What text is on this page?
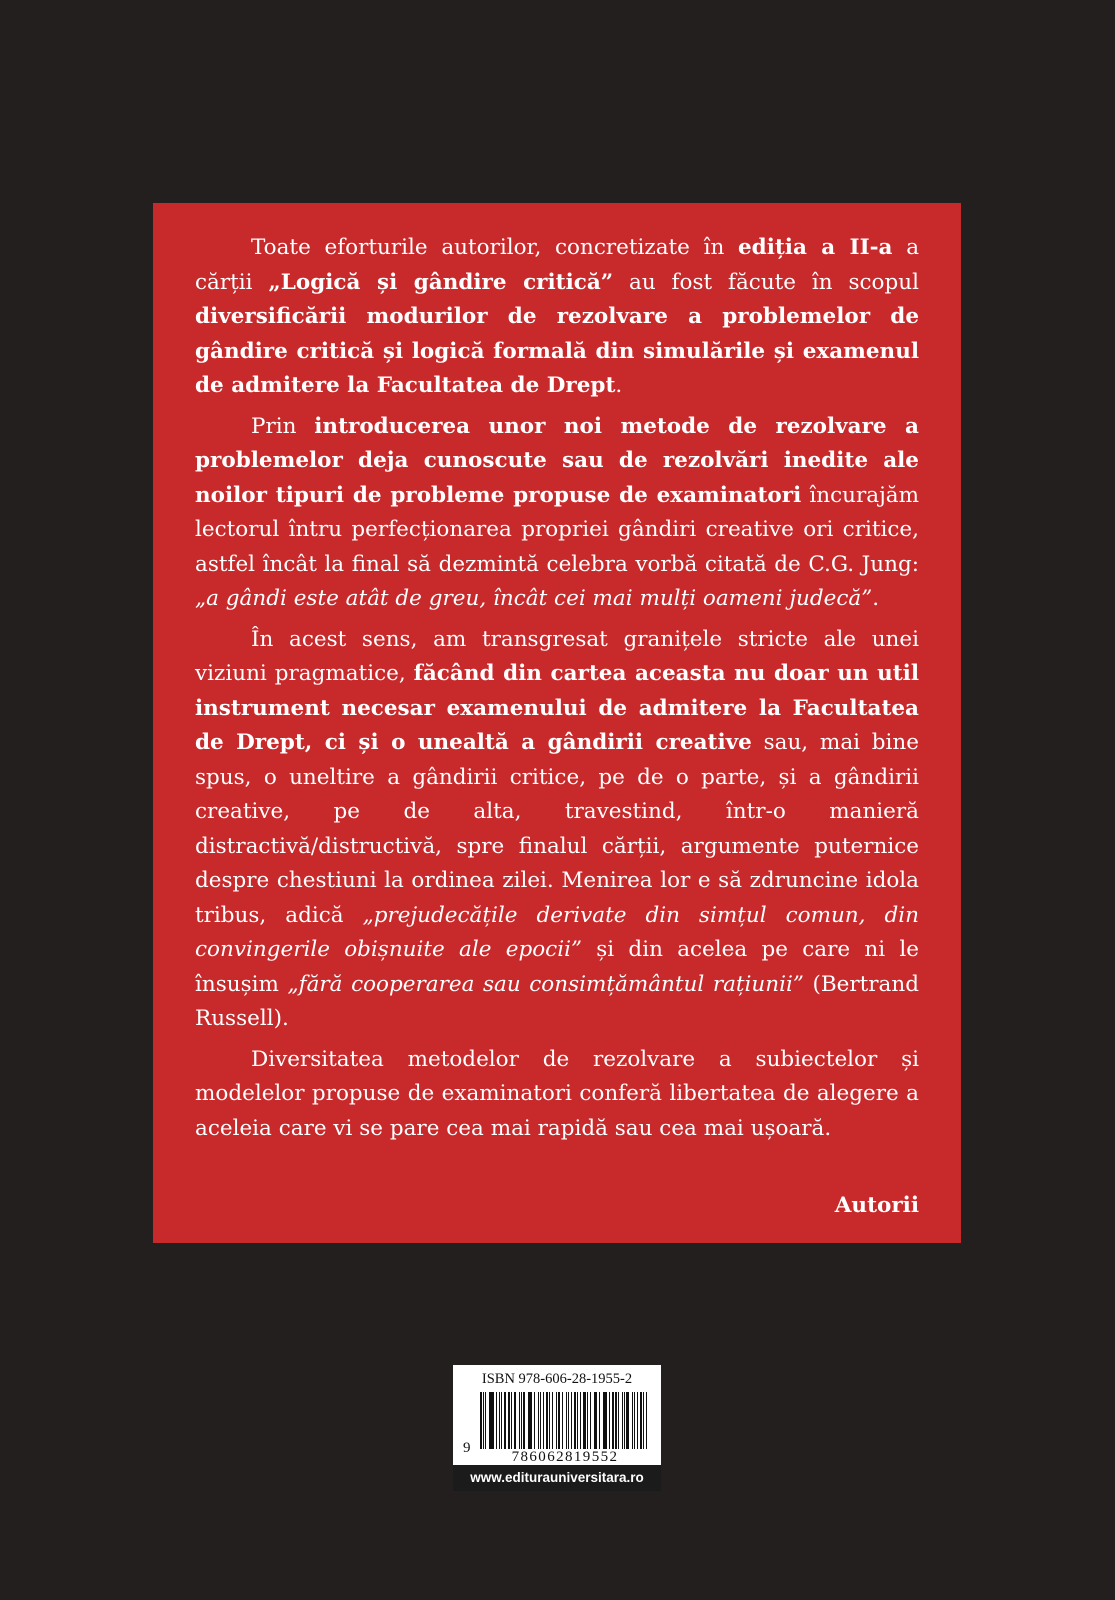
Toate eforturile autorilor, concretizate în ediția a II-a a cărții „Logică și gândire critică” au fost făcute în scopul diversificării modurilor de rezolvare a problemelor de gândire critică și logică formală din simulările și examenul de admitere la Facultatea de Drept.

Prin introducerea unor noi metode de rezolvare a problemelor deja cunoscute sau de rezolvări inedite ale noilor tipuri de probleme propuse de examinatori încurajăm lectorul întru perfecționarea propriei gândiri creative ori critice, astfel încât la final să dezmintă celebra vorbă citată de C.G. Jung: „a gândi este atât de greu, încât cei mai mulți oameni judecă”.

În acest sens, am transgresat granițele stricte ale unei viziuni pragmatice, făcând din cartea aceasta nu doar un util instrument necesar examenului de admitere la Facultatea de Drept, ci și o unealtă a gândirii creative sau, mai bine spus, o uneltire a gândirii critice, pe de o parte, și a gândirii creative, pe de alta, travestind, într-o manieră distractivă/distructivă, spre finalul cărții, argumente puternice despre chestiuni la ordinea zilei. Menirea lor e să zdruncine idola tribus, adică „prejudecățile derivate din simțul comun, din convingerile obișnuite ale epocii” și din acelea pe care ni le însușim „fără cooperarea sau consimțământul rațiunii” (Bertrand Russell).

Diversitatea metodelor de rezolvare a subiectelor și modelelor propuse de examinatori conferă libertatea de alegere a aceleia care vi se pare cea mai rapidă sau cea mai ușoară.

Autorii
ISBN 978-606-28-1955-2
9
786062819552
www.editurauniversitara.ro
